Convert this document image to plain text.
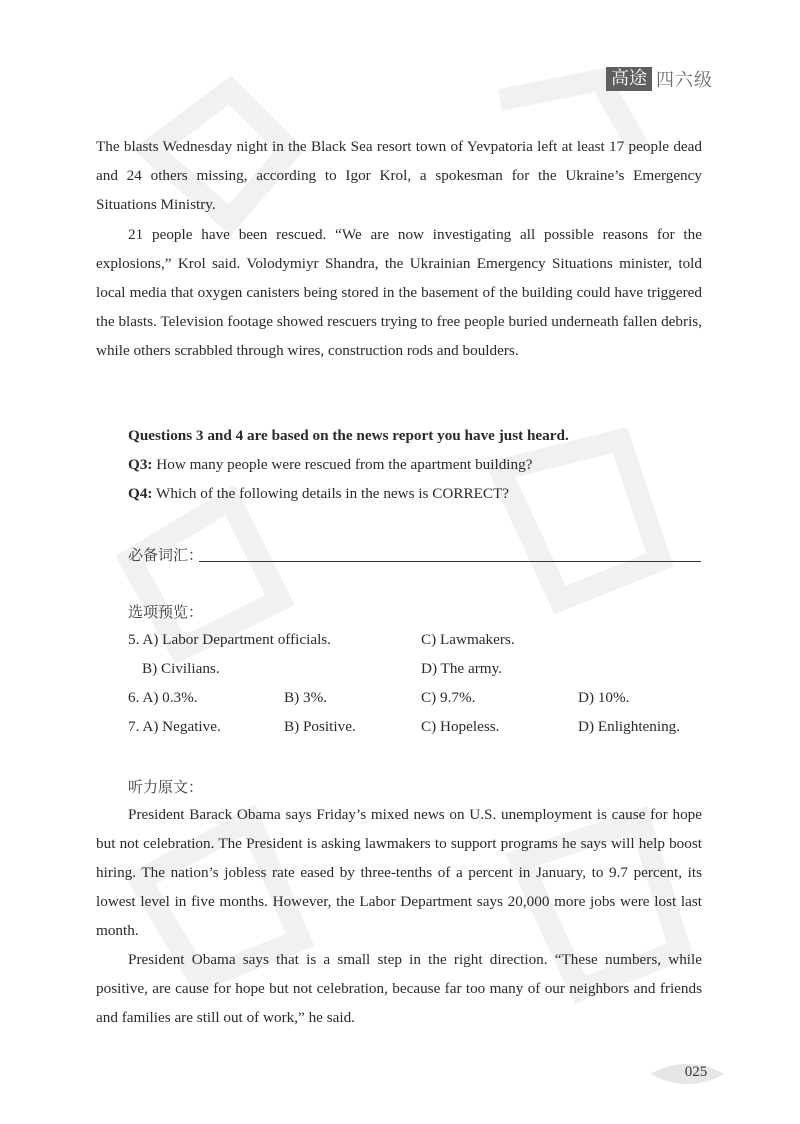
高途 四六级

The blasts Wednesday night in the Black Sea resort town of Yevpatoria left at least 17 people dead and 24 others missing, according to Igor Krol, a spokesman for the Ukraine’s Emergency Situations Ministry.

21 people have been rescued. “We are now investigating all possible reasons for the explosions,” Krol said. Volodymiyr Shandra, the Ukrainian Emergency Situations minister, told local media that oxygen canisters being stored in the basement of the building could have triggered the blasts. Television footage showed rescuers trying to free people buried underneath fallen debris, while others scrabbled through wires, construction rods and boulders.

Questions 3 and 4 are based on the news report you have just heard.

Q3: How many people were rescued from the apartment building?

Q4: Which of the following details in the news is CORRECT?

必备词汇：
选项预览：
5. A) Labor Department officials.	C) Lawmakers.
B) Civilians.	D) The army.
6. A) 0.3%.	B) 3%.	C) 9.7%.	D) 10%.
7. A) Negative.	B) Positive.	C) Hopeless.	D) Enlightening.
听力原文：

President Barack Obama says Friday’s mixed news on U.S. unemployment is cause for hope but not celebration. The President is asking lawmakers to support programs he says will help boost hiring. The nation’s jobless rate eased by three-tenths of a percent in January, to 9.7 percent, its lowest level in five months. However, the Labor Department says 20,000 more jobs were lost last month.

President Obama says that is a small step in the right direction. “These numbers, while positive, are cause for hope but not celebration, because far too many of our neighbors and friends and families are still out of work,” he said.

025
